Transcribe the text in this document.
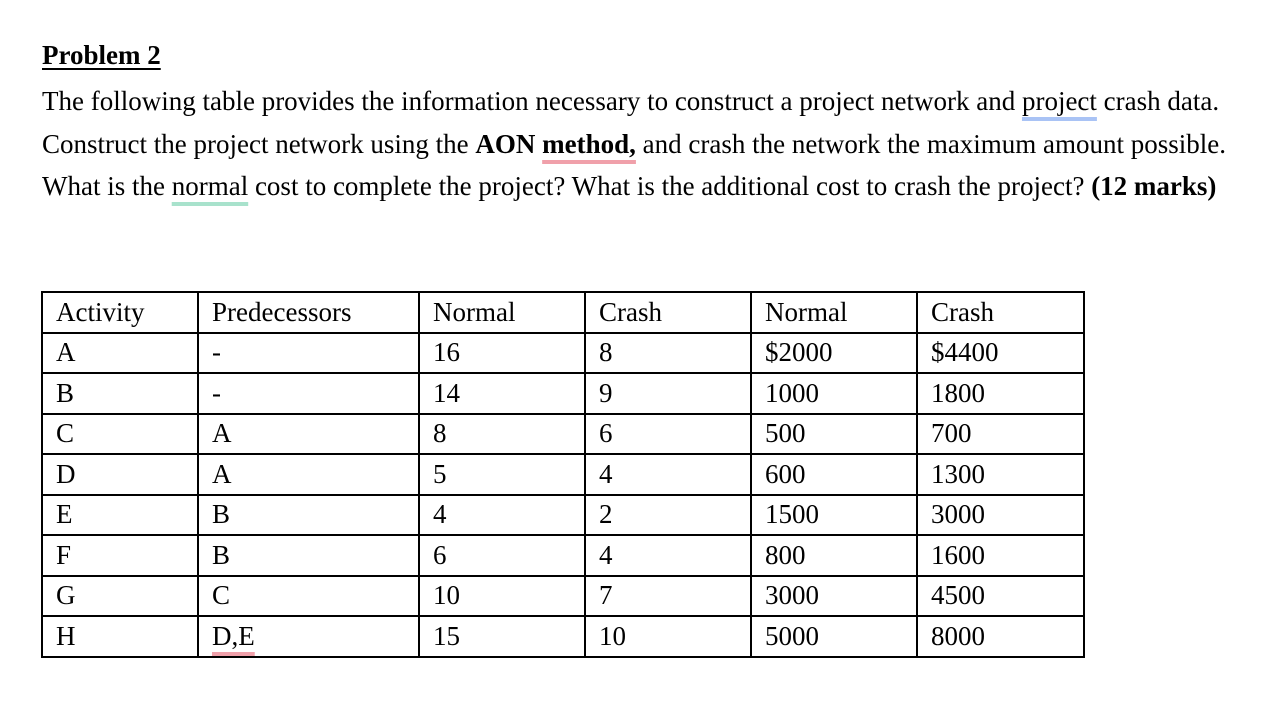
Problem 2

The following table provides the information necessary to construct a project network and project crash data. Construct the project network using the AON method, and crash the network the maximum amount possible. What is the normal cost to complete the project? What is the additional cost to crash the project? (12 marks)

Activity	Predecessors	Normal	Crash	Normal	Crash
A	-	16	8	$2000	$4400
B	-	14	9	1000	1800
C	A	8	6	500	700
D	A	5	4	600	1300
E	B	4	2	1500	3000
F	B	6	4	800	1600
G	C	10	7	3000	4500
H	D,E	15	10	5000	8000
